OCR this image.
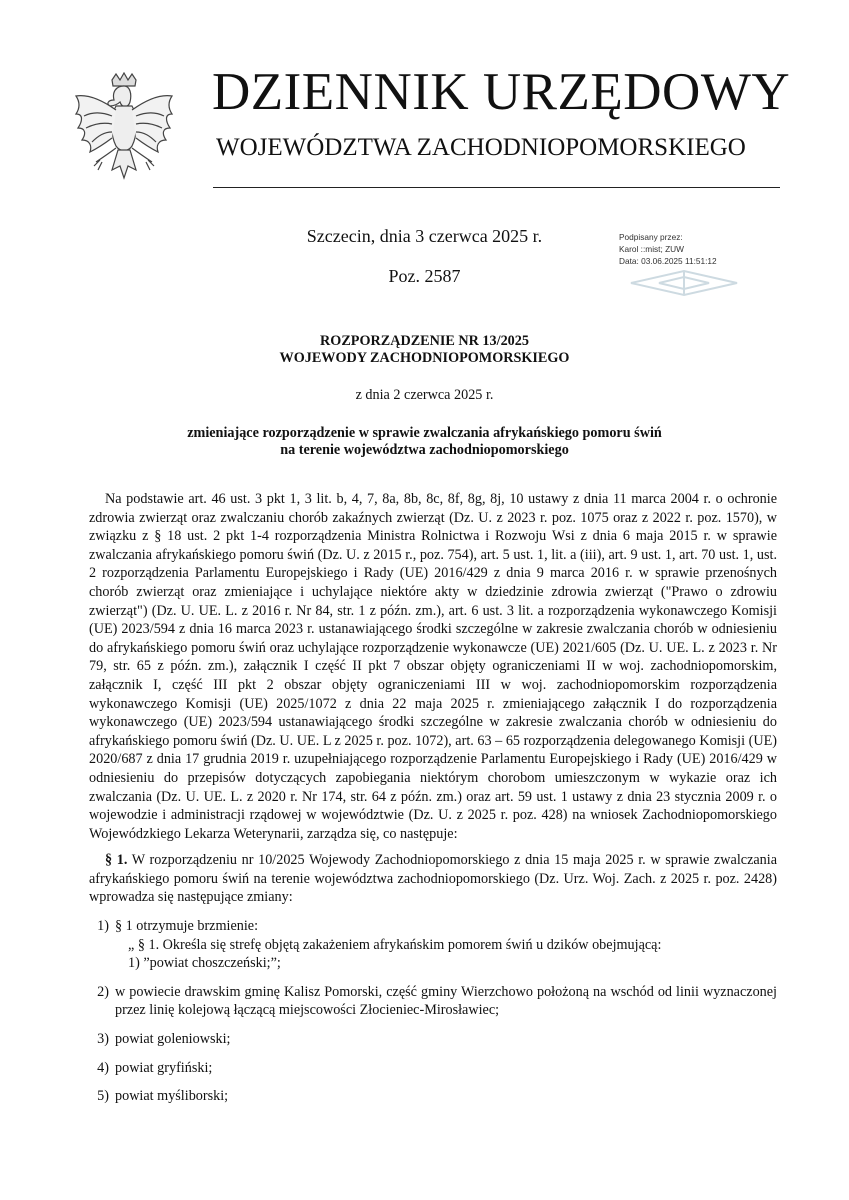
DZIENNIK URZĘDOWY
WOJEWÓDZTWA ZACHODNIOPOMORSKIEGO
Szczecin, dnia 3 czerwca 2025 r.
Poz. 2587
Podpisany przez:
Karol ::mist; ZUW
Data: 03.06.2025 11:51:12
ROZPORZĄDZENIE NR 13/2025
WOJEWODY ZACHODNIOPOMORSKIEGO
z dnia 2 czerwca 2025 r.
zmieniające rozporządzenie w sprawie zwalczania afrykańskiego pomoru świń
na terenie województwa zachodniopomorskiego

Na podstawie art. 46 ust. 3 pkt 1, 3 lit. b, 4, 7, 8a, 8b, 8c, 8f, 8g, 8j, 10 ustawy z dnia 11 marca 2004 r. o ochronie zdrowia zwierząt oraz zwalczaniu chorób zakaźnych zwierząt (Dz. U. z 2023 r. poz. 1075 oraz z 2022 r. poz. 1570), w związku z § 18 ust. 2 pkt 1-4 rozporządzenia Ministra Rolnictwa i Rozwoju Wsi z dnia 6 maja 2015 r. w sprawie zwalczania afrykańskiego pomoru świń (Dz. U. z 2015 r., poz. 754), art. 5 ust. 1, lit. a (iii), art. 9 ust. 1, art. 70 ust. 1, ust. 2 rozporządzenia Parlamentu Europejskiego i Rady (UE) 2016/429 z dnia 9 marca 2016 r. w sprawie przenośnych chorób zwierząt oraz zmieniające i uchylające niektóre akty w dziedzinie zdrowia zwierząt ("Prawo o zdrowiu zwierząt") (Dz. U. UE. L. z 2016 r. Nr 84, str. 1 z późn. zm.), art. 6 ust. 3 lit. a rozporządzenia wykonawczego Komisji (UE) 2023/594 z dnia 16 marca 2023 r. ustanawiającego środki szczególne w zakresie zwalczania chorób w odniesieniu do afrykańskiego pomoru świń oraz uchylające rozporządzenie wykonawcze (UE) 2021/605 (Dz. U. UE. L. z 2023 r. Nr 79, str. 65 z późn. zm.), załącznik I część II pkt 7 obszar objęty ograniczeniami II w woj. zachodniopomorskim, załącznik I, część III pkt 2 obszar objęty ograniczeniami III w woj. zachodniopomorskim rozporządzenia wykonawczego Komisji (UE) 2025/1072 z dnia 22 maja 2025 r. zmieniającego załącznik I do rozporządzenia wykonawczego (UE) 2023/594 ustanawiającego środki szczególne w zakresie zwalczania chorób w odniesieniu do afrykańskiego pomoru świń (Dz. U. UE. L z 2025 r. poz. 1072), art. 63 – 65 rozporządzenia delegowanego Komisji (UE) 2020/687 z dnia 17 grudnia 2019 r. uzupełniającego rozporządzenie Parlamentu Europejskiego i Rady (UE) 2016/429 w odniesieniu do przepisów dotyczących zapobiegania niektórym chorobom umieszczonym w wykazie oraz ich zwalczania (Dz. U. UE. L. z 2020 r. Nr 174, str. 64 z późn. zm.) oraz art. 59 ust. 1 ustawy z dnia 23 stycznia 2009 r. o wojewodzie i administracji rządowej w województwie (Dz. U. z 2025 r. poz. 428) na wniosek Zachodniopomorskiego Wojewódzkiego Lekarza Weterynarii, zarządza się, co następuje:

§ 1. W rozporządzeniu nr 10/2025 Wojewody Zachodniopomorskiego z dnia 15 maja 2025 r. w sprawie zwalczania afrykańskiego pomoru świń na terenie województwa zachodniopomorskiego (Dz. Urz. Woj. Zach. z 2025 r. poz. 2428) wprowadza się następujące zmiany:

1) § 1 otrzymuje brzmienie:

„ § 1. Określa się strefę objętą zakażeniem afrykańskim pomorem świń u dzików obejmującą:

1) ”powiat choszczeński;”;

2) w powiecie drawskim gminę Kalisz Pomorski, część gminy Wierzchowo położoną na wschód od linii wyznaczonej przez linię kolejową łączącą miejscowości Złocieniec-Mirosławiec;
3) powiat goleniowski;
4) powiat gryfiński;
5) powiat myśliborski;
